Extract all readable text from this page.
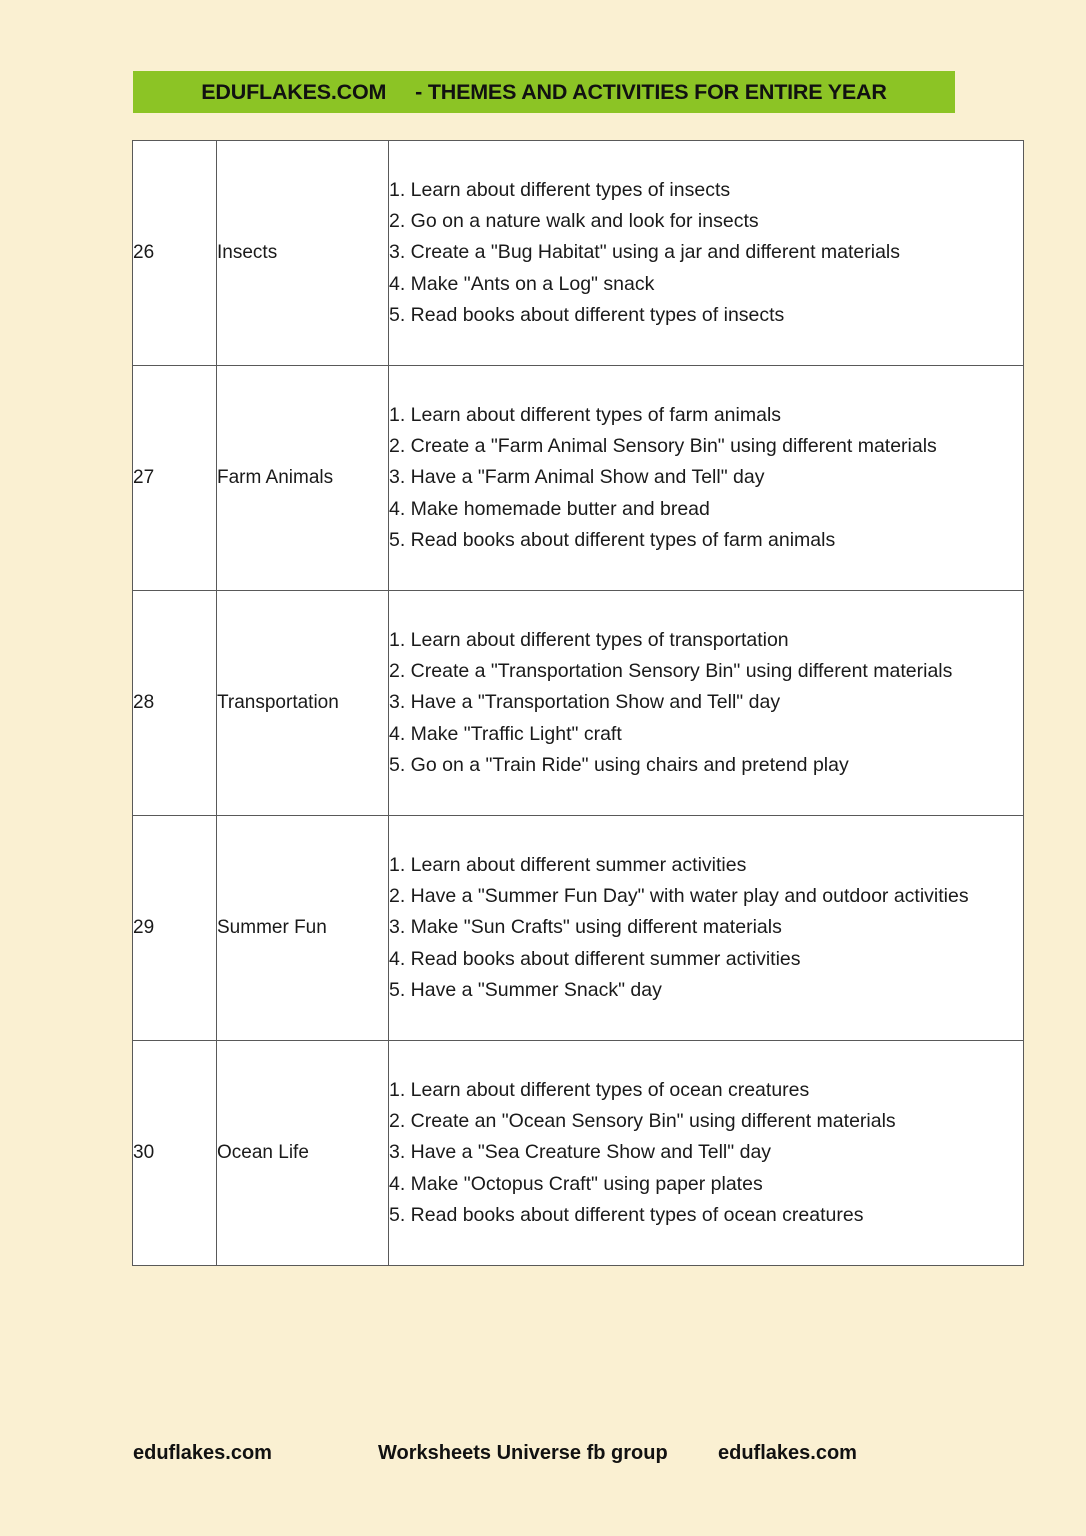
EDUFLAKES.COM     - THEMES AND ACTIVITIES FOR ENTIRE YEAR
26	Insects	1. Learn about different types of insects
2. Go on a nature walk and look for insects
3. Create a "Bug Habitat" using a jar and different materials
4. Make "Ants on a Log" snack
5. Read books about different types of insects

27	Farm Animals	1. Learn about different types of farm animals
2. Create a "Farm Animal Sensory Bin" using different materials
3. Have a "Farm Animal Show and Tell" day
4. Make homemade butter and bread
5. Read books about different types of farm animals

28	Transportation	1. Learn about different types of transportation
2. Create a "Transportation Sensory Bin" using different materials
3. Have a "Transportation Show and Tell" day
4. Make "Traffic Light" craft
5. Go on a "Train Ride" using chairs and pretend play

29	Summer Fun	1. Learn about different summer activities
2. Have a "Summer Fun Day" with water play and outdoor activities
3. Make "Sun Crafts" using different materials
4. Read books about different summer activities
5. Have a "Summer Snack" day

30	Ocean Life	1. Learn about different types of ocean creatures
2. Create an "Ocean Sensory Bin" using different materials
3. Have a "Sea Creature Show and Tell" day
4. Make "Octopus Craft" using paper plates
5. Read books about different types of ocean creatures
eduflakes.com	Worksheets Universe fb group	eduflakes.com
